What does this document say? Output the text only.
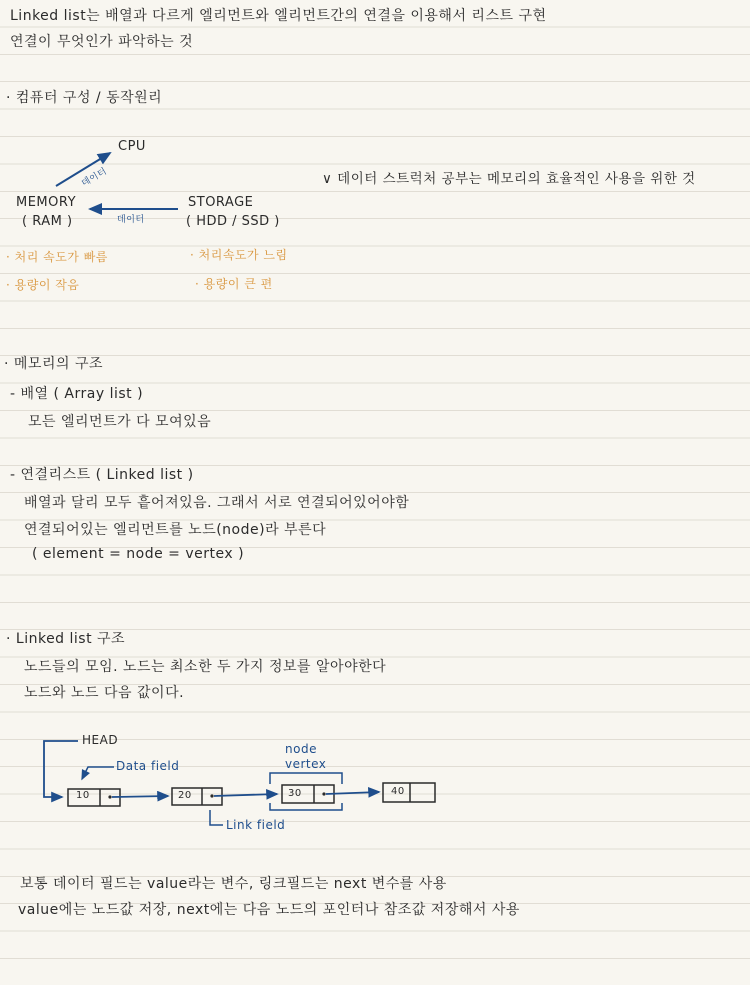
Linked list는 배열과 다르게 엘리먼트와 엘리먼트간의 연결을 이용해서 리스트 구현
연결이 무엇인가 파악하는 것
· 컴퓨터 구성 / 동작원리
CPU
MEMORY
( RAM )
STORAGE
( HDD / SSD )
데이터
데이터
∨ 데이터 스트럭처 공부는 메모리의 효율적인 사용을 위한 것
· 처리 속도가 빠름
· 용량이 작음
· 처리속도가 느림
· 용량이 큰 편
· 메모리의 구조
- 배열 ( Array list )
모든 엘리먼트가 다 모여있음
- 연결리스트 ( Linked list )
배열과 달리 모두 흩어져있음. 그래서 서로 연결되어있어야함
연결되어있는 엘리먼트를 노드(node)라 부른다
( element = node = vertex )
· Linked list 구조
노드들의 모임. 노드는 최소한 두 가지 정보를 알아야한다
노드와 노드 다음 값이다.
HEAD
Data field
Link field
node
vertex
10	20	30	40
보통 데이터 필드는 value라는 변수, 링크필드는 next 변수를 사용
value에는 노드값 저장, next에는 다음 노드의 포인터나 참조값 저장해서 사용
